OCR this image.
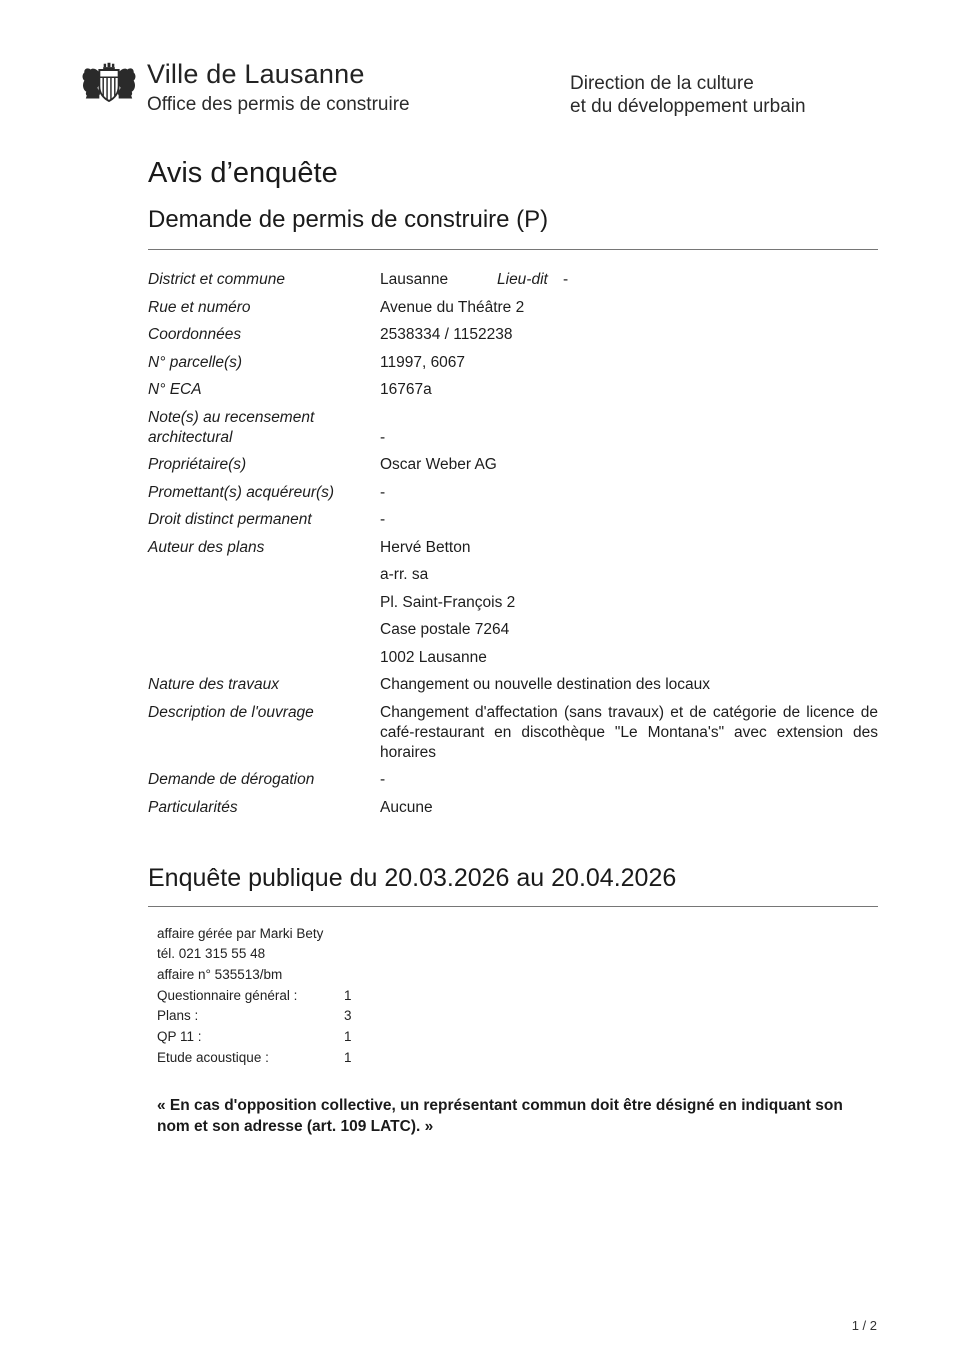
Ville de Lausanne
Office des permis de construire
Direction de la culture
et du développement urbain
Avis d’enquête
Demande de permis de construire (P)
District et commune	Lausanne	Lieu-dit -
Rue et numéro	Avenue du Théâtre 2
Coordonnées	2538334 / 1152238
N° parcelle(s)	11997, 6067
N° ECA	16767a
Note(s) au recensement architectural	-
Propriétaire(s)	Oscar Weber AG
Promettant(s) acquéreur(s)	-
Droit distinct permanent	-
Auteur des plans	Hervé Betton
a-rr. sa
Pl. Saint-François 2
Case postale 7264
1002 Lausanne
Nature des travaux	Changement ou nouvelle destination des locaux
Description de l'ouvrage	Changement d'affectation (sans travaux) et de catégorie de licence de café-restaurant en discothèque "Le Montana's" avec extension des horaires
Demande de dérogation	-
Particularités	Aucune
Enquête publique du 20.03.2026 au 20.04.2026
affaire gérée par Marki Bety
tél. 021 315 55 48
affaire n° 535513/bm
Questionnaire général :	1
Plans :	3
QP 11 :	1
Etude acoustique :	1

« En cas d'opposition collective, un représentant commun doit être désigné en indiquant son nom et son adresse (art. 109 LATC). »

1 / 2
